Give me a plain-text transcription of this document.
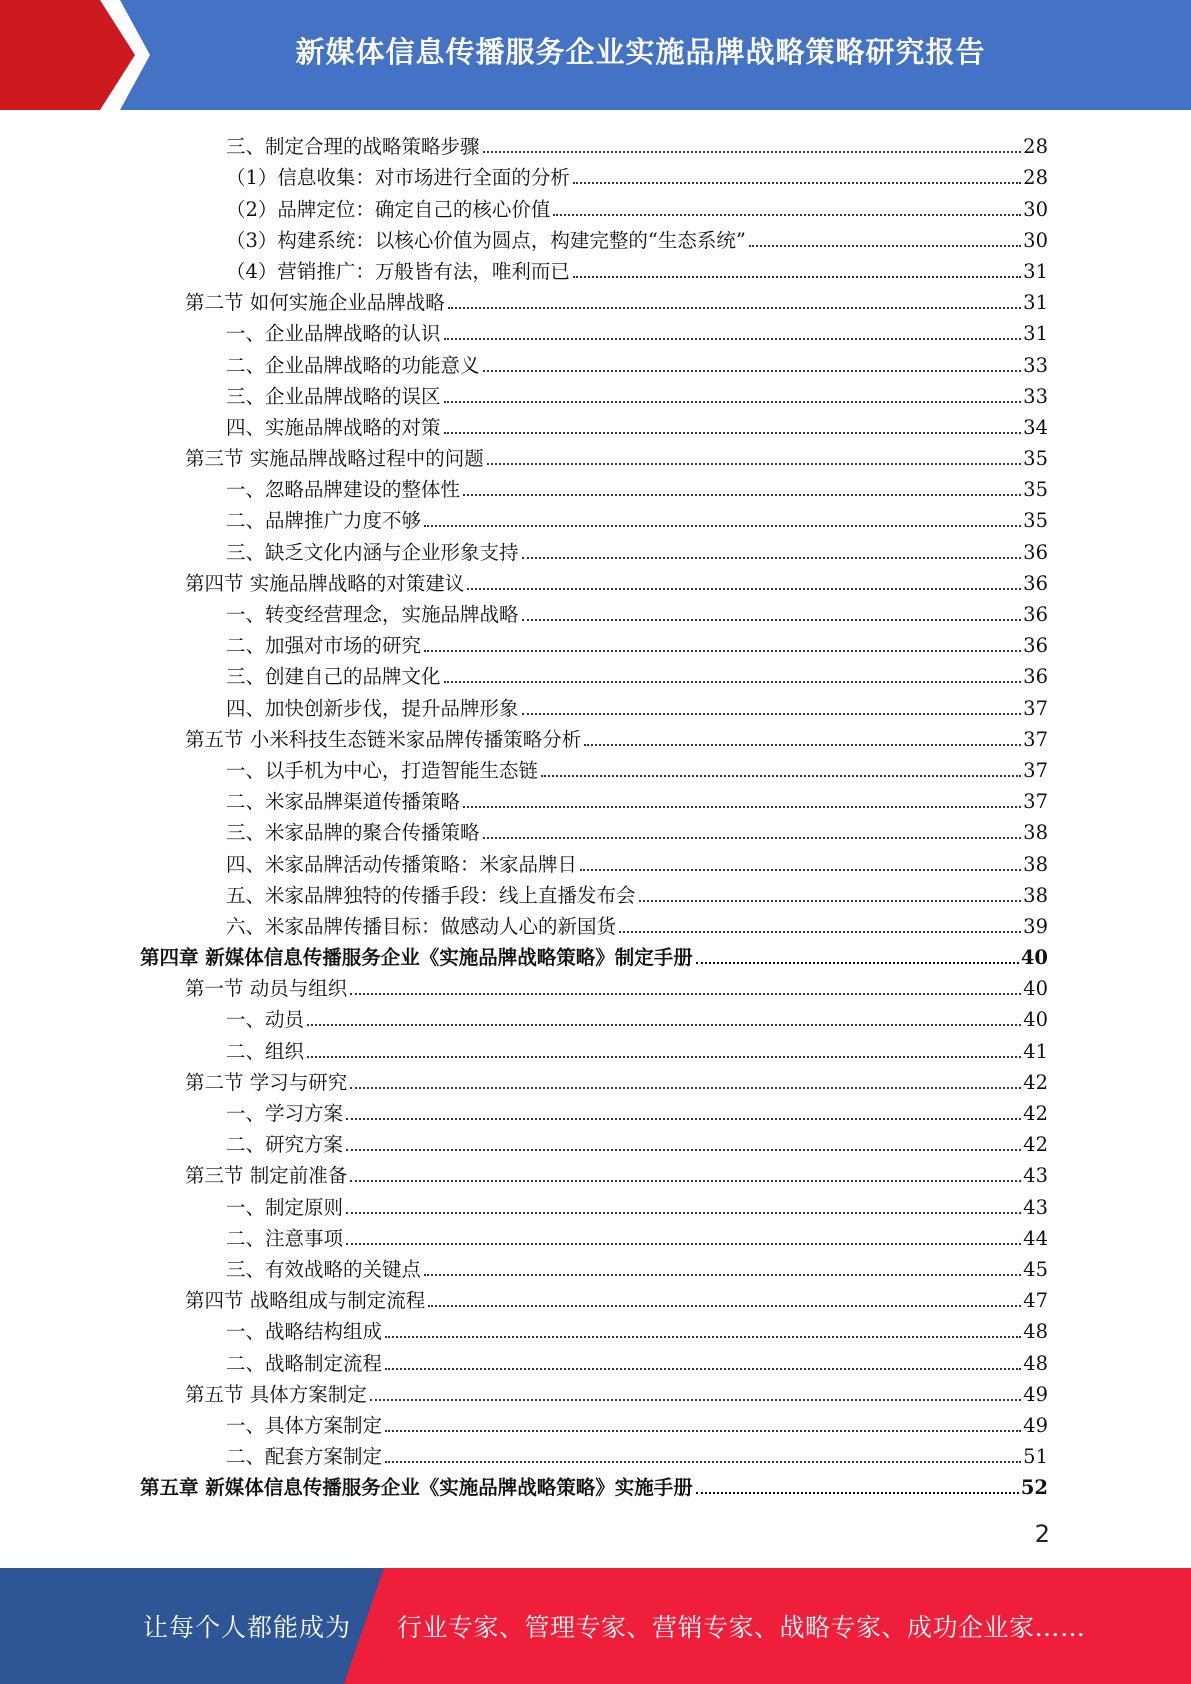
新媒体信息传播服务企业实施品牌战略策略研究报告
三、制定合理的战略策略步骤	28
（1）信息收集：对市场进行全面的分析	28
（2）品牌定位：确定自己的核心价值	30
（3）构建系统：以核心价值为圆点，构建完整的“生态系统”	30
（4）营销推广：万般皆有法，唯利而已	31
第二节 如何实施企业品牌战略	31
一、企业品牌战略的认识	31
二、企业品牌战略的功能意义	33
三、企业品牌战略的误区	33
四、实施品牌战略的对策	34
第三节 实施品牌战略过程中的问题	35
一、忽略品牌建设的整体性	35
二、品牌推广力度不够	35
三、缺乏文化内涵与企业形象支持	36
第四节 实施品牌战略的对策建议	36
一、转变经营理念，实施品牌战略	36
二、加强对市场的研究	36
三、创建自己的品牌文化	36
四、加快创新步伐，提升品牌形象	37
第五节 小米科技生态链米家品牌传播策略分析	37
一、以手机为中心，打造智能生态链	37
二、米家品牌渠道传播策略	37
三、米家品牌的聚合传播策略	38
四、米家品牌活动传播策略：米家品牌日	38
五、米家品牌独特的传播手段：线上直播发布会	38
六、米家品牌传播目标：做感动人心的新国货	39
第四章 新媒体信息传播服务企业《实施品牌战略策略》制定手册	40
第一节 动员与组织	40
一、动员	40
二、组织	41
第二节 学习与研究	42
一、学习方案	42
二、研究方案	42
第三节 制定前准备	43
一、制定原则	43
二、注意事项	44
三、有效战略的关键点	45
第四节 战略组成与制定流程	47
一、战略结构组成	48
二、战略制定流程	48
第五节 具体方案制定	49
一、具体方案制定	49
二、配套方案制定	51
第五章 新媒体信息传播服务企业《实施品牌战略策略》实施手册	52
2
让每个人都能成为 行业专家、管理专家、营销专家、战略专家、成功企业家……
